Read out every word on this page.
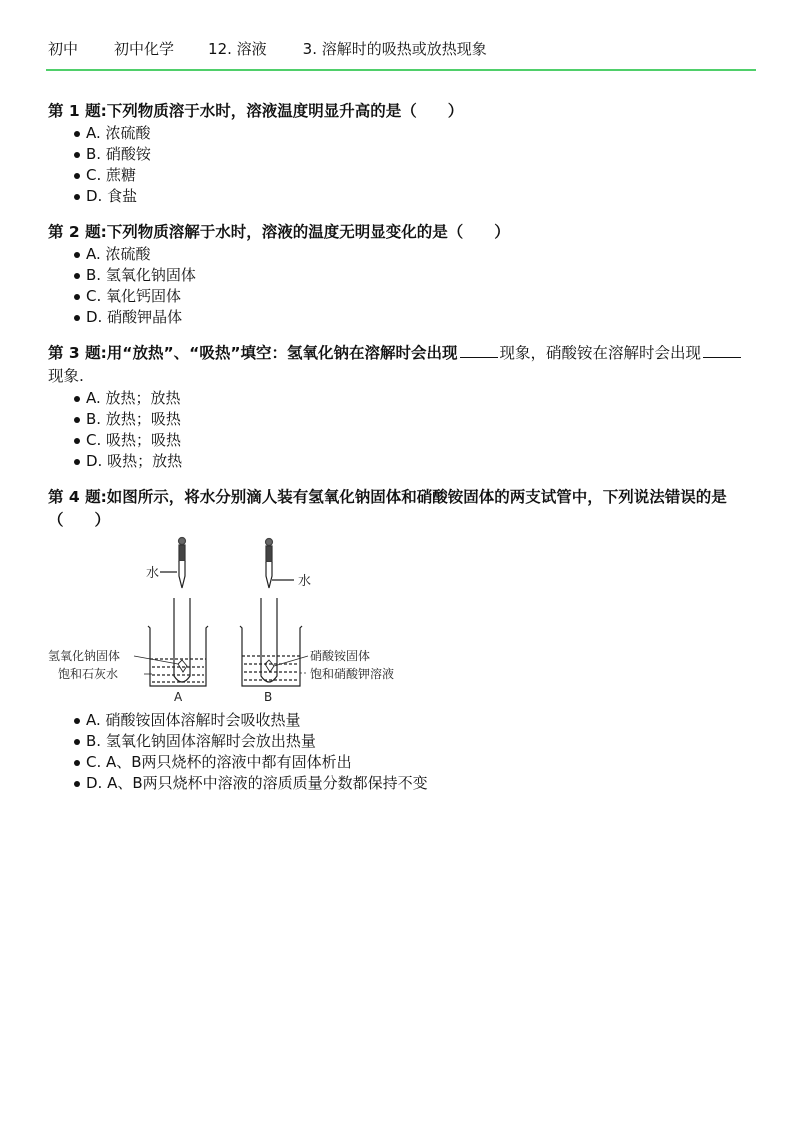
初中 初中化学 12. 溶液 3. 溶解时的吸热或放热现象

第 1 题:下列物质溶于水时，溶液温度明显升高的是（　　）

A. 浓硫酸
B. 硝酸铵
C. 蔗糖
D. 食盐

第 2 题:下列物质溶解于水时，溶液的温度无明显变化的是（　　）

A. 浓硫酸
B. 氢氧化钠固体
C. 氧化钙固体
D. 硝酸钾晶体

第 3 题:用“放热”、“吸热”填空：氢氧化钠在溶解时会出现	现象，硝酸铵在溶解时会出现现象.

A. 放热；放热
B. 放热；吸热
C. 吸热；吸热
D. 吸热；放热

第 4 题:如图所示，将水分别滴人装有氢氧化钠固体和硝酸铵固体的两支试管中，下列说法错误的是（　　）

水
氢氧化钠固体
饱和石灰水
A
水
硝酸铵固体
饱和硝酸钾溶液
B
A. 硝酸铵固体溶解时会吸收热量
B. 氢氧化钠固体溶解时会放出热量
C. A、B两只烧杯的溶液中都有固体析出
D. A、B两只烧杯中溶液的溶质质量分数都保持不变
